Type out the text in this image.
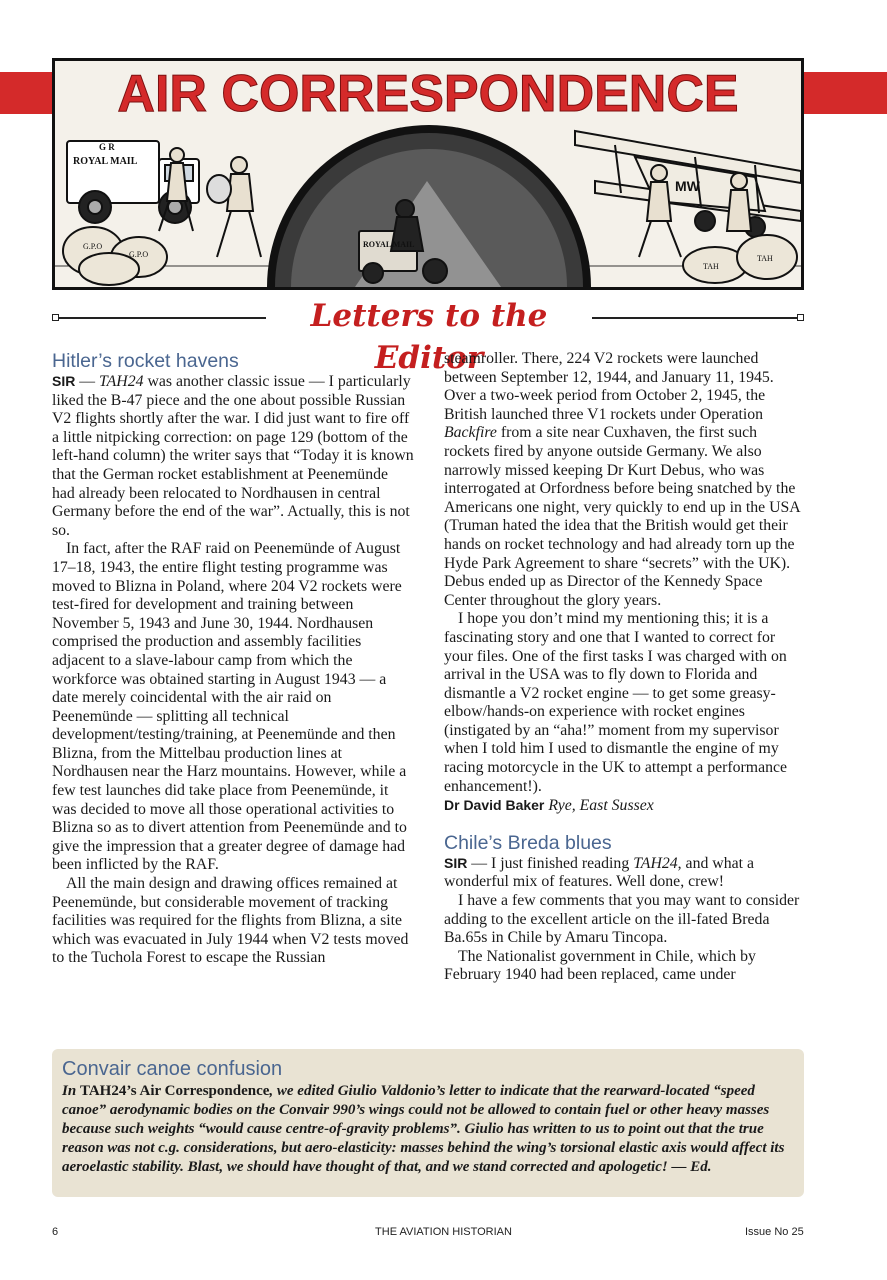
G R
ROYAL MAIL
G.P.O
G.P.O
ROYAL MAIL
MW
TAH
TAH
AIR CORRESPONDENCE
Letters to the Editor
Hitler’s rocket havens

SIR — TAH24 was another classic issue — I particularly liked the B-47 piece and the one about possible Russian V2 flights shortly after the war. I did just want to fire off a little nitpicking correction: on page 129 (bottom of the left-hand column) the writer says that “Today it is known that the German rocket establishment at Peenemünde had already been relocated to Nordhausen in central Germany before the end of the war”. Actually, this is not so.

In fact, after the RAF raid on Peenemünde of August 17–18, 1943, the entire flight testing programme was moved to Blizna in Poland, where 204 V2 rockets were test-fired for development and training between November 5, 1943 and June 30, 1944. Nordhausen comprised the production and assembly facilities adjacent to a slave-labour camp from which the workforce was obtained starting in August 1943 — a date merely coincidental with the air raid on Peenemünde — splitting all technical development/testing/training, at Peenemünde and then Blizna, from the Mittelbau production lines at Nordhausen near the Harz mountains. However, while a few test launches did take place from Peenemünde, it was decided to move all those operational activities to Blizna so as to divert attention from Peenemünde and to give the impression that a greater degree of damage had been inflicted by the RAF.

All the main design and drawing offices remained at Peenemünde, but considerable movement of tracking facilities was required for the flights from Blizna, a site which was evacuated in July 1944 when V2 tests moved to the Tuchola Forest to escape the Russian

steamroller. There, 224 V2 rockets were launched between September 12, 1944, and January 11, 1945. Over a two-week period from October 2, 1945, the British launched three V1 rockets under Operation Backfire from a site near Cuxhaven, the first such rockets fired by anyone outside Germany. We also narrowly missed keeping Dr Kurt Debus, who was interrogated at Orfordness before being snatched by the Americans one night, very quickly to end up in the USA (Truman hated the idea that the British would get their hands on rocket technology and had already torn up the Hyde Park Agreement to share “secrets” with the UK). Debus ended up as Director of the Kennedy Space Center throughout the glory years.

I hope you don’t mind my mentioning this; it is a fascinating story and one that I wanted to correct for your files. One of the first tasks I was charged with on arrival in the USA was to fly down to Florida and dismantle a V2 rocket engine — to get some greasy-elbow/hands-on experience with rocket engines (instigated by an “aha!” moment from my supervisor when I told him I used to dismantle the engine of my racing motorcycle in the UK to attempt a performance enhancement!).

Dr David Baker Rye, East Sussex

Chile’s Breda blues

SIR — I just finished reading TAH24, and what a wonderful mix of features. Well done, crew!

I have a few comments that you may want to consider adding to the excellent article on the ill-fated Breda Ba.65s in Chile by Amaru Tincopa.

The Nationalist government in Chile, which by February 1940 had been replaced, came under

Convair canoe confusion
In TAH24’s Air Correspondence, we edited Giulio Valdonio’s letter to indicate that the rearward-located “speed canoe” aerodynamic bodies on the Convair 990’s wings could not be allowed to contain fuel or other heavy masses because such weights “would cause centre-of-gravity problems”. Giulio has written to us to point out that the true reason was not c.g. considerations, but aero-elasticity: masses behind the wing’s torsional elastic axis would affect its aeroelastic stability. Blast, we should have thought of that, and we stand corrected and apologetic! — Ed.
6	THE AVIATION HISTORIAN	Issue No 25
